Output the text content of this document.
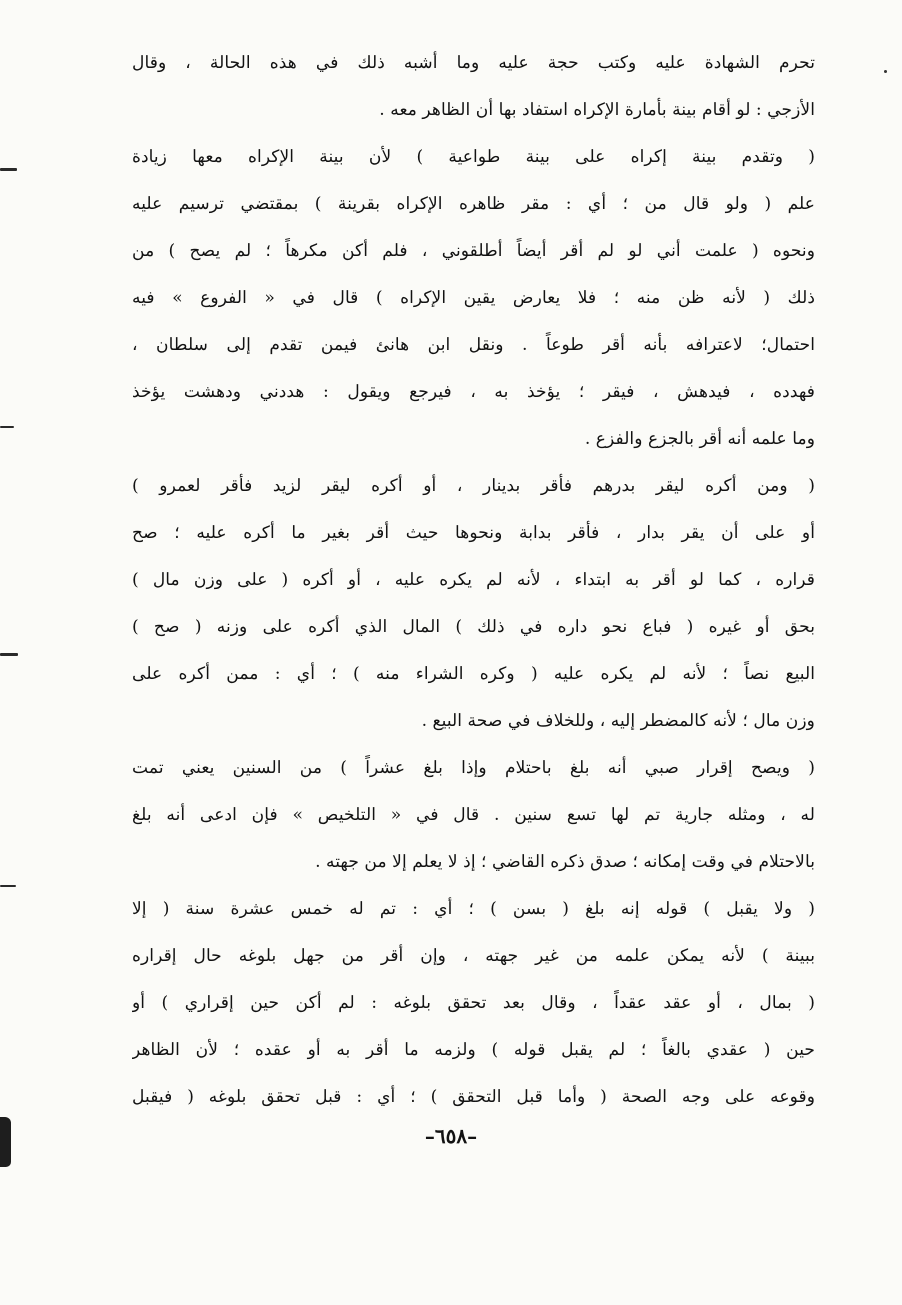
تحرم الشهادة عليه وكتب حجة عليه وما أشبه ذلك في هذه الحالة ، وقال
الأزجي : لو أقام بينة بأمارة الإكراه استفاد بها أن الظاهر معه .
( وتقدم بينة إكراه على بينة طواعية ) لأن بينة الإكراه معها زيادة
علم ( ولو قال من ؛ أي : مقر ظاهره الإكراه بقرينة ) بمقتضي ترسيم عليه
ونحوه ( علمت أني لو لم أقر أيضاً أطلقوني ، فلم أكن مكرهاً ؛ لم يصح ) من
ذلك ( لأنه ظن منه ؛ فلا يعارض يقين الإكراه ) قال في « الفروع » فيه
احتمال؛ لاعترافه بأنه أقر طوعاً . ونقل ابن هانئ فيمن تقدم إلى سلطان ،
فهدده ، فيدهش ، فيقر ؛ يؤخذ به ، فيرجع ويقول : هددني ودهشت يؤخذ
وما علمه أنه أقر بالجزع والفزع .
( ومن أكره ليقر بدرهم فأقر بدينار ، أو أكره ليقر لزيد فأقر لعمرو )
أو على أن يقر بدار ، فأقر بدابة ونحوها حيث أقر بغير ما أكره عليه ؛ صح
قراره ، كما لو أقر به ابتداء ، لأنه لم يكره عليه ، أو أكره ( على وزن مال )
بحق أو غيره ( فباع نحو داره في ذلك ) المال الذي أكره على وزنه ( صح )
البيع نصاً ؛ لأنه لم يكره عليه ( وكره الشراء منه ) ؛ أي : ممن أكره على
وزن مال ؛ لأنه كالمضطر إليه ، وللخلاف في صحة البيع .
( ويصح إقرار صبي أنه بلغ باحتلام وإذا بلغ عشراً ) من السنين يعني تمت
له ، ومثله جارية تم لها تسع سنين . قال في « التلخيص » فإن ادعى أنه بلغ
بالاحتلام في وقت إمكانه ؛ صدق ذكره القاضي ؛ إذ لا يعلم إلا من جهته .
( ولا يقبل ) قوله إنه بلغ ( بسن ) ؛ أي : تم له خمس عشرة سنة ( إلا
ببينة ) لأنه يمكن علمه من غير جهته ، وإن أقر من جهل بلوغه حال إقراره
( بمال ، أو عقد عقداً ، وقال بعد تحقق بلوغه : لم أكن حين إقراري ) أو
حين ( عقدي بالغاً ؛ لم يقبل قوله ) ولزمه ما أقر به أو عقده ؛ لأن الظاهر
وقوعه على وجه الصحة ( وأما قبل التحقق ) ؛ أي : قبل تحقق بلوغه ( فيقبل
–٦٥٨–
